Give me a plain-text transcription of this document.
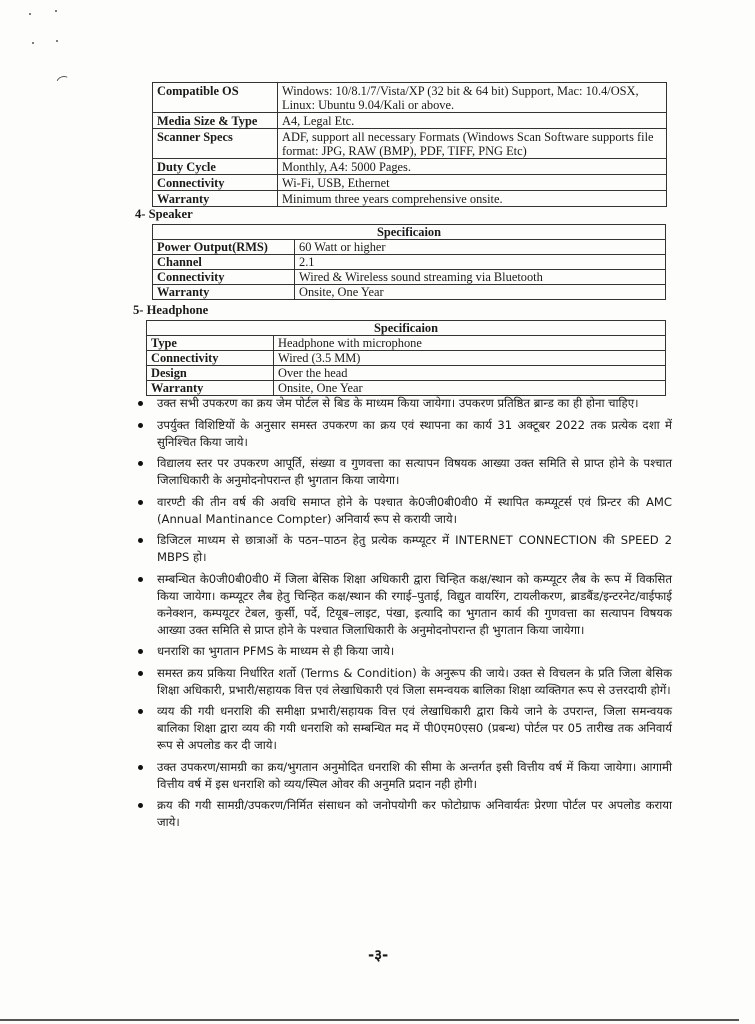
Compatible OS	Windows: 10/8.1/7/Vista/XP (32 bit & 64 bit) Support, Mac: 10.4/OSX, Linux: Ubuntu 9.04/Kali or above.
Media Size & Type	A4, Legal Etc.
Scanner Specs	ADF, support all necessary Formats (Windows Scan Software supports file format: JPG, RAW (BMP), PDF, TIFF, PNG Etc)
Duty Cycle	Monthly, A4: 5000 Pages.
Connectivity	Wi-Fi, USB, Ethernet
Warranty	Minimum three years comprehensive onsite.
4- Speaker
Specificaion	
Power Output(RMS)	60 Watt or higher
Channel	2.1
Connectivity	Wired & Wireless sound streaming via Bluetooth
Warranty	Onsite, One Year
5- Headphone
Specificaion	
Type	Headphone with microphone
Connectivity	Wired (3.5 MM)
Design	Over the head
Warranty	Onsite, One Year
उक्त सभी उपकरण का क्रय जेम पोर्टल से बिड के माध्यम किया जायेगा। उपकरण प्रतिष्ठित ब्रान्ड का ही होना चाहिए।
उपर्युक्त विशिष्टियों के अनुसार समस्त उपकरण का क्रय एवं स्थापना का कार्य 31 अक्टूबर 2022 तक प्रत्येक दशा में सुनिश्चित किया जाये।
विद्यालय स्तर पर उपकरण आपूर्ति, संख्या व गुणवत्ता का सत्यापन विषयक आख्या उक्त समिति से प्राप्त होने के पश्चात जिलाधिकारी के अनुमोदनोपरान्त ही भुगतान किया जायेगा।
वारण्टी की तीन वर्ष की अवधि समाप्त होने के पश्चात के0जी0बी0वी0 में स्थापित कम्प्यूटर्स एवं प्रिन्टर की AMC (Annual Mantinance Compter) अनिवार्य रूप से करायी जाये।
डिजिटल माध्यम से छात्राओं के पठन–पाठन हेतु प्रत्येक कम्प्यूटर में INTERNET CONNECTION की SPEED 2 MBPS हो।
सम्बन्धित के0जी0बी0वी0 में जिला बेसिक शिक्षा अधिकारी द्वारा चिन्हित कक्ष/स्थान को कम्प्यूटर लैब के रूप में विकसित किया जायेगा। कम्प्यूटर लैब हेतु चिन्हित कक्ष/स्थान की रगाई–पुताई, विद्युत वायरिंग, टायलीकरण, ब्राडबैंड/इन्टरनेट/वाईफाई कनेक्शन, कम्पयूटर टेबल, कुर्सी, पर्दे, टियूब–लाइट, पंखा, इत्यादि का भुगतान कार्य की गुणवत्ता का सत्यापन विषयक आख्या उक्त समिति से प्राप्त होने के पश्चात जिलाधिकारी के अनुमोदनोपरान्त ही भुगतान किया जायेगा।
धनराशि का भुगतान PFMS के माध्यम से ही किया जाये।
समस्त क्रय प्रकिया निर्धारित शर्तो (Terms & Condition) के अनुरूप की जाये। उक्त से विचलन के प्रति जिला बेसिक शिक्षा अधिकारी, प्रभारी/सहायक वित्त एवं लेखाधिकारी एवं जिला समन्वयक बालिका शिक्षा व्यक्तिगत रूप से उत्तरदायी होगें।
व्यय की गयी धनराशि की समीक्षा प्रभारी/सहायक वित्त एवं लेखाधिकारी द्वारा किये जाने के उपरान्त, जिला समन्वयक बालिका शिक्षा द्वारा व्यय की गयी धनराशि को सम्बन्धित मद में पी0एम0एस0 (प्रबन्ध) पोर्टल पर 05 तारीख तक अनिवार्य रूप से अपलोड कर दी जाये।
उक्त उपकरण/सामग्री का क्रय/भुगतान अनुमोदित धनराशि की सीमा के अन्तर्गत इसी वित्तीय वर्ष में किया जायेगा। आगामी वित्तीय वर्ष में इस धनराशि को व्यय/स्पिल ओवर की अनुमति प्रदान नही होगी।
क्रय की गयी सामग्री/उपकरण/निर्मित संसाधन को जनोपयोगी कर फोटोग्राफ अनिवार्यतः प्रेरणा पोर्टल पर अपलोड कराया जाये।
-३-
